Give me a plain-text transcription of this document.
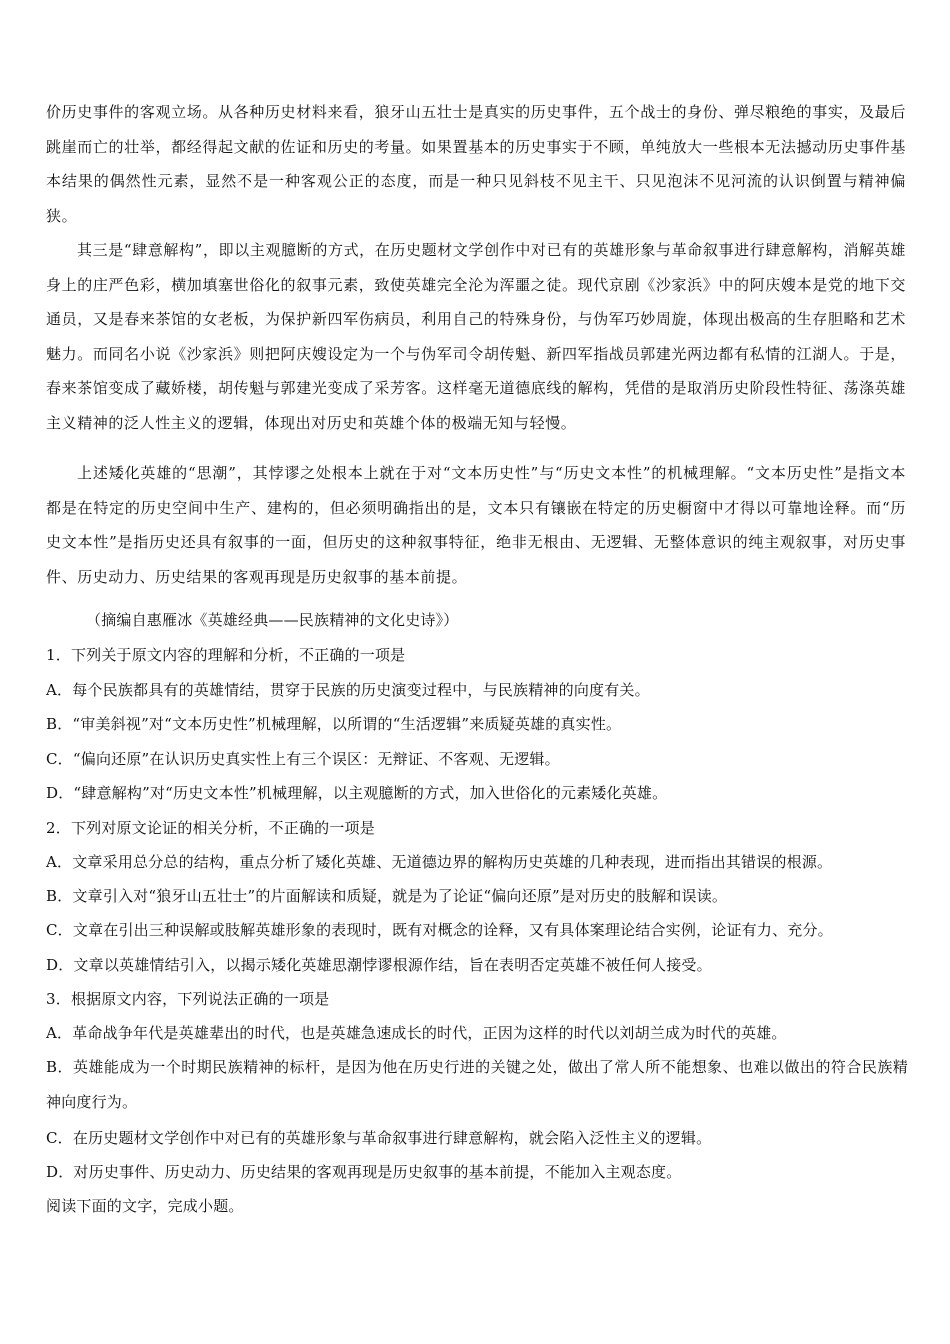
价历史事件的客观立场。从各种历史材料来看，狼牙山五壮士是真实的历史事件，五个战士的身份、弹尽粮绝的事实，及最后跳崖而亡的壮举，都经得起文献的佐证和历史的考量。如果置基本的历史事实于不顾，单纯放大一些根本无法撼动历史事件基本结果的偶然性元素，显然不是一种客观公正的态度，而是一种只见斜枝不见主干、只见泡沫不见河流的认识倒置与精神偏狭。

其三是“肆意解构”，即以主观臆断的方式，在历史题材文学创作中对已有的英雄形象与革命叙事进行肆意解构，消解英雄身上的庄严色彩，横加填塞世俗化的叙事元素，致使英雄完全沦为浑噩之徒。现代京剧《沙家浜》中的阿庆嫂本是党的地下交通员，又是春来茶馆的女老板，为保护新四军伤病员，利用自己的特殊身份，与伪军巧妙周旋，体现出极高的生存胆略和艺术魅力。而同名小说《沙家浜》则把阿庆嫂设定为一个与伪军司令胡传魁、新四军指战员郭建光两边都有私情的江湖人。于是，春来茶馆变成了藏娇楼，胡传魁与郭建光变成了采芳客。这样毫无道德底线的解构，凭借的是取消历史阶段性特征、荡涤英雄主义精神的泛人性主义的逻辑，体现出对历史和英雄个体的极端无知与轻慢。

上述矮化英雄的“思潮”，其悖谬之处根本上就在于对“文本历史性”与“历史文本性”的机械理解。“文本历史性”是指文本都是在特定的历史空间中生产、建构的，但必须明确指出的是，文本只有镶嵌在特定的历史橱窗中才得以可靠地诠释。而“历史文本性”是指历史还具有叙事的一面，但历史的这种叙事特征，绝非无根由、无逻辑、无整体意识的纯主观叙事，对历史事件、历史动力、历史结果的客观再现是历史叙事的基本前提。

（摘编自惠雁冰《英雄经典——民族精神的文化史诗》）

1．下列关于原文内容的理解和分析，不正确的一项是

A．每个民族都具有的英雄情结，贯穿于民族的历史演变过程中，与民族精神的向度有关。

B．“审美斜视”对“文本历史性”机械理解，以所谓的“生活逻辑”来质疑英雄的真实性。

C．“偏向还原”在认识历史真实性上有三个误区：无辩证、不客观、无逻辑。

D．“肆意解构”对“历史文本性”机械理解，以主观臆断的方式，加入世俗化的元素矮化英雄。

2．下列对原文论证的相关分析，不正确的一项是

A．文章采用总分总的结构，重点分析了矮化英雄、无道德边界的解构历史英雄的几种表现，进而指出其错误的根源。

B．文章引入对“狼牙山五壮士”的片面解读和质疑，就是为了论证“偏向还原”是对历史的肢解和误读。

C．文章在引出三种误解或肢解英雄形象的表现时，既有对概念的诠释，又有具体案理论结合实例，论证有力、充分。

D．文章以英雄情结引入，以揭示矮化英雄思潮悖谬根源作结，旨在表明否定英雄不被任何人接受。

3．根据原文内容，下列说法正确的一项是

A．革命战争年代是英雄辈出的时代，也是英雄急速成长的时代，正因为这样的时代以刘胡兰成为时代的英雄。

B．英雄能成为一个时期民族精神的标杆，是因为他在历史行进的关键之处，做出了常人所不能想象、也难以做出的符合民族精神向度行为。

C．在历史题材文学创作中对已有的英雄形象与革命叙事进行肆意解构，就会陷入泛性主义的逻辑。

D．对历史事件、历史动力、历史结果的客观再现是历史叙事的基本前提，不能加入主观态度。

阅读下面的文字，完成小题。
